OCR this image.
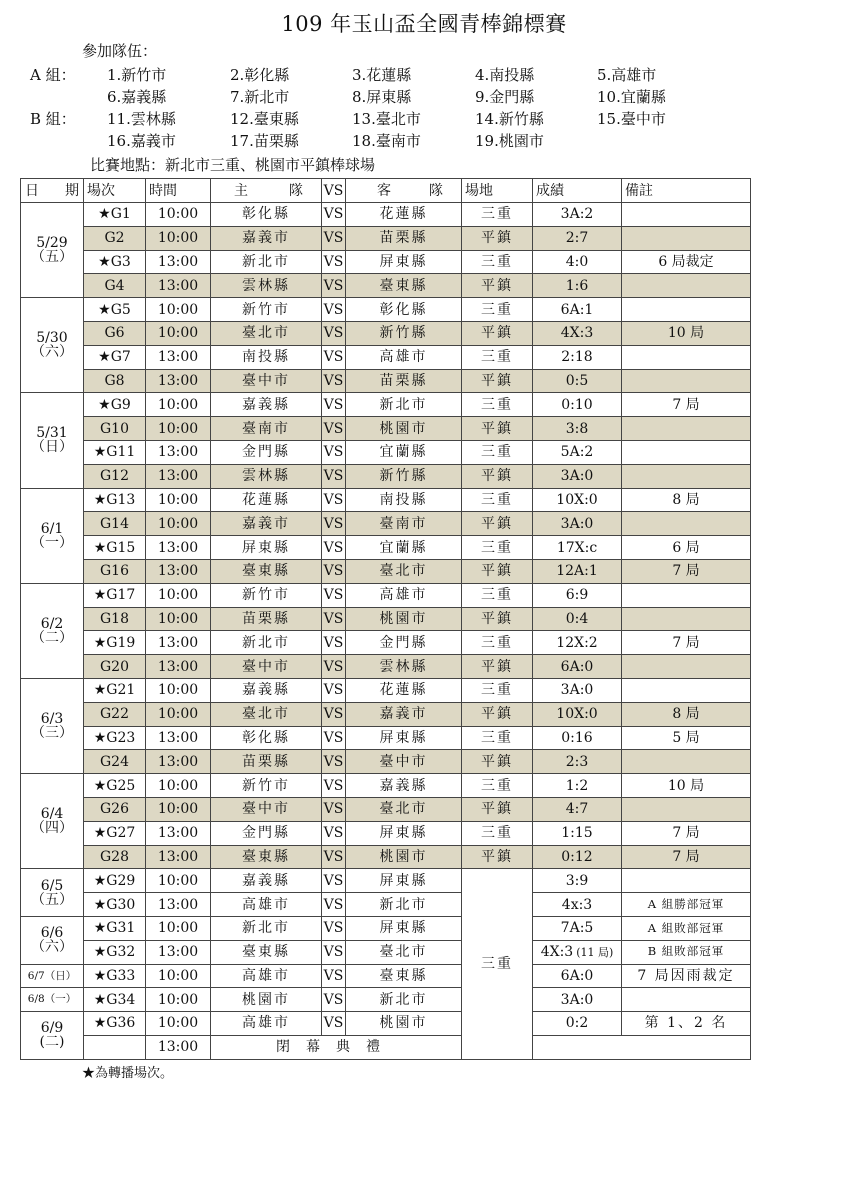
109 年玉山盃全國青棒錦標賽
參加隊伍：
A 組： 1.新竹市	2.彰化縣	3.花蓮縣	4.南投縣	5.高雄市
6.嘉義縣	7.新北市	8.屏東縣	9.金門縣	10.宜蘭縣
B 組： 11.雲林縣	12.臺東縣	13.臺北市	14.新竹縣	15.臺中市
16.嘉義市	17.苗栗縣	18.臺南市	19.桃園市
比賽地點：新北市三重、桃園市平鎮棒球場
日 期	場次	時間	主 隊	VS	客 隊	場地	成績	備註
5/29
（五）	★G1	10:00	彰化縣	VS	花蓮縣	三重	3A:2	
	G2	10:00	嘉義市	VS	苗栗縣	平鎮	2:7	
	★G3	13:00	新北市	VS	屏東縣	三重	4:0	6 局裁定
	G4	13:00	雲林縣	VS	臺東縣	平鎮	1:6	
5/30
（六）	★G5	10:00	新竹市	VS	彰化縣	三重	6A:1	
	G6	10:00	臺北市	VS	新竹縣	平鎮	4X:3	10 局
	★G7	13:00	南投縣	VS	高雄市	三重	2:18	
	G8	13:00	臺中市	VS	苗栗縣	平鎮	0:5	
5/31
（日）	★G9	10:00	嘉義縣	VS	新北市	三重	0:10	7 局
	G10	10:00	臺南市	VS	桃園市	平鎮	3:8	
	★G11	13:00	金門縣	VS	宜蘭縣	三重	5A:2	
	G12	13:00	雲林縣	VS	新竹縣	平鎮	3A:0	
6/1
（一）	★G13	10:00	花蓮縣	VS	南投縣	三重	10X:0	8 局
	G14	10:00	嘉義市	VS	臺南市	平鎮	3A:0	
	★G15	13:00	屏東縣	VS	宜蘭縣	三重	17X:c	6 局
	G16	13:00	臺東縣	VS	臺北市	平鎮	12A:1	7 局
6/2
（二）	★G17	10:00	新竹市	VS	高雄市	三重	6:9	
	G18	10:00	苗栗縣	VS	桃園市	平鎮	0:4	
	★G19	13:00	新北市	VS	金門縣	三重	12X:2	7 局
	G20	13:00	臺中市	VS	雲林縣	平鎮	6A:0	
6/3
（三）	★G21	10:00	嘉義縣	VS	花蓮縣	三重	3A:0	
	G22	10:00	臺北市	VS	嘉義市	平鎮	10X:0	8 局
	★G23	13:00	彰化縣	VS	屏東縣	三重	0:16	5 局
	G24	13:00	苗栗縣	VS	臺中市	平鎮	2:3	
6/4
（四）	★G25	10:00	新竹市	VS	嘉義縣	三重	1:2	10 局
	G26	10:00	臺中市	VS	臺北市	平鎮	4:7	
	★G27	13:00	金門縣	VS	屏東縣	三重	1:15	7 局
	G28	13:00	臺東縣	VS	桃園市	平鎮	0:12	7 局
6/5
（五）	★G29	10:00	嘉義縣	VS	屏東縣	三重	3:9	
	★G30	13:00	高雄市	VS	新北市		4x:3	A 組勝部冠軍
6/6
（六）	★G31	10:00	新北市	VS	屏東縣		7A:5	A 組敗部冠軍
	★G32	13:00	臺東縣	VS	臺北市		4X:3 (11 局)	B 組敗部冠軍
6/7（日）	★G33	10:00	高雄市	VS	臺東縣		6A:0	7 局因雨裁定
6/8（一）	★G34	10:00	桃園市	VS	新北市		3A:0	
6/9
(二)	★G36	10:00	高雄市	VS	桃園市		0:2	第 1、2 名
		13:00	閉幕典禮					
★為轉播場次。
